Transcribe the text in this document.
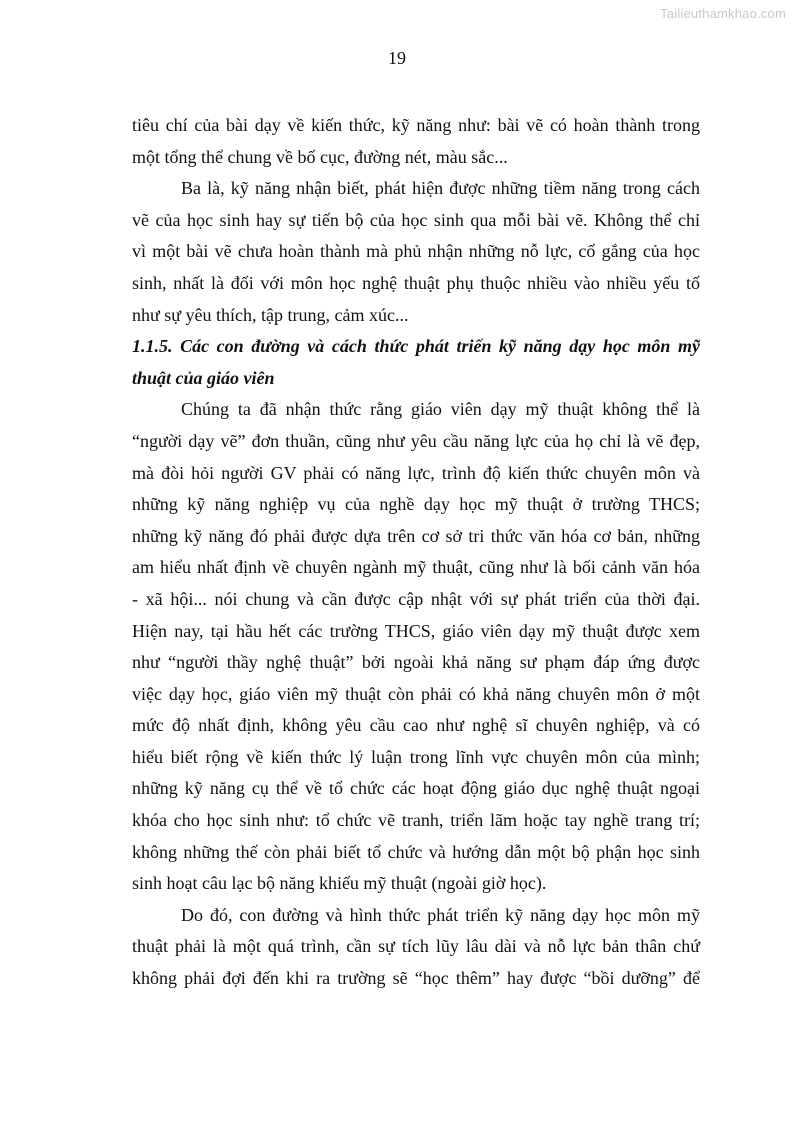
Tailieuthamkhao.com
19
tiêu chí của bài dạy về kiến thức, kỹ năng như: bài vẽ có hoàn thành trong
một tổng thể chung về bố cục, đường nét, màu sắc...
Ba là, kỹ năng nhận biết, phát hiện được những tiềm năng trong cách
vẽ của học sinh hay sự tiến bộ của học sinh qua mỗi bài vẽ. Không thể chỉ
vì một bài vẽ chưa hoàn thành mà phủ nhận những nỗ lực, cố gắng của học
sinh, nhất là đối với môn học nghệ thuật phụ thuộc nhiều vào nhiều yếu tố
như sự yêu thích, tập trung, cảm xúc...
1.1.5. Các con đường và cách thức phát triển kỹ năng dạy học môn mỹ
thuật của giáo viên
Chúng ta đã nhận thức rằng giáo viên dạy mỹ thuật không thể là
“người dạy vẽ” đơn thuần, cũng như yêu cầu năng lực của họ chỉ là vẽ đẹp,
mà đòi hỏi người GV phải có năng lực, trình độ kiến thức chuyên môn và
những kỹ năng nghiệp vụ của nghề dạy học mỹ thuật ở trường THCS;
những kỹ năng đó phải được dựa trên cơ sở tri thức văn hóa cơ bản, những
am hiểu nhất định về chuyên ngành mỹ thuật, cũng như là bối cảnh văn hóa
- xã hội... nói chung và cần được cập nhật với sự phát triển của thời đại.
Hiện nay, tại hầu hết các trường THCS, giáo viên dạy mỹ thuật được xem
như “người thầy nghệ thuật” bởi ngoài khả năng sư phạm đáp ứng được
việc dạy học, giáo viên mỹ thuật còn phải có khả năng chuyên môn ở một
mức độ nhất định, không yêu cầu cao như nghệ sĩ chuyên nghiệp, và có
hiểu biết rộng về kiến thức lý luận trong lĩnh vực chuyên môn của mình;
những kỹ năng cụ thể về tổ chức các hoạt động giáo dục nghệ thuật ngoại
khóa cho học sinh như: tổ chức vẽ tranh, triển lãm hoặc tay nghề trang trí;
không những thế còn phải biết tổ chức và hướng dẫn một bộ phận học sinh
sinh hoạt câu lạc bộ năng khiếu mỹ thuật (ngoài giờ học).
Do đó, con đường và hình thức phát triển kỹ năng dạy học môn mỹ
thuật phải là một quá trình, cần sự tích lũy lâu dài và nỗ lực bản thân chứ
không phải đợi đến khi ra trường sẽ “học thêm” hay được “bồi dưỡng” để
